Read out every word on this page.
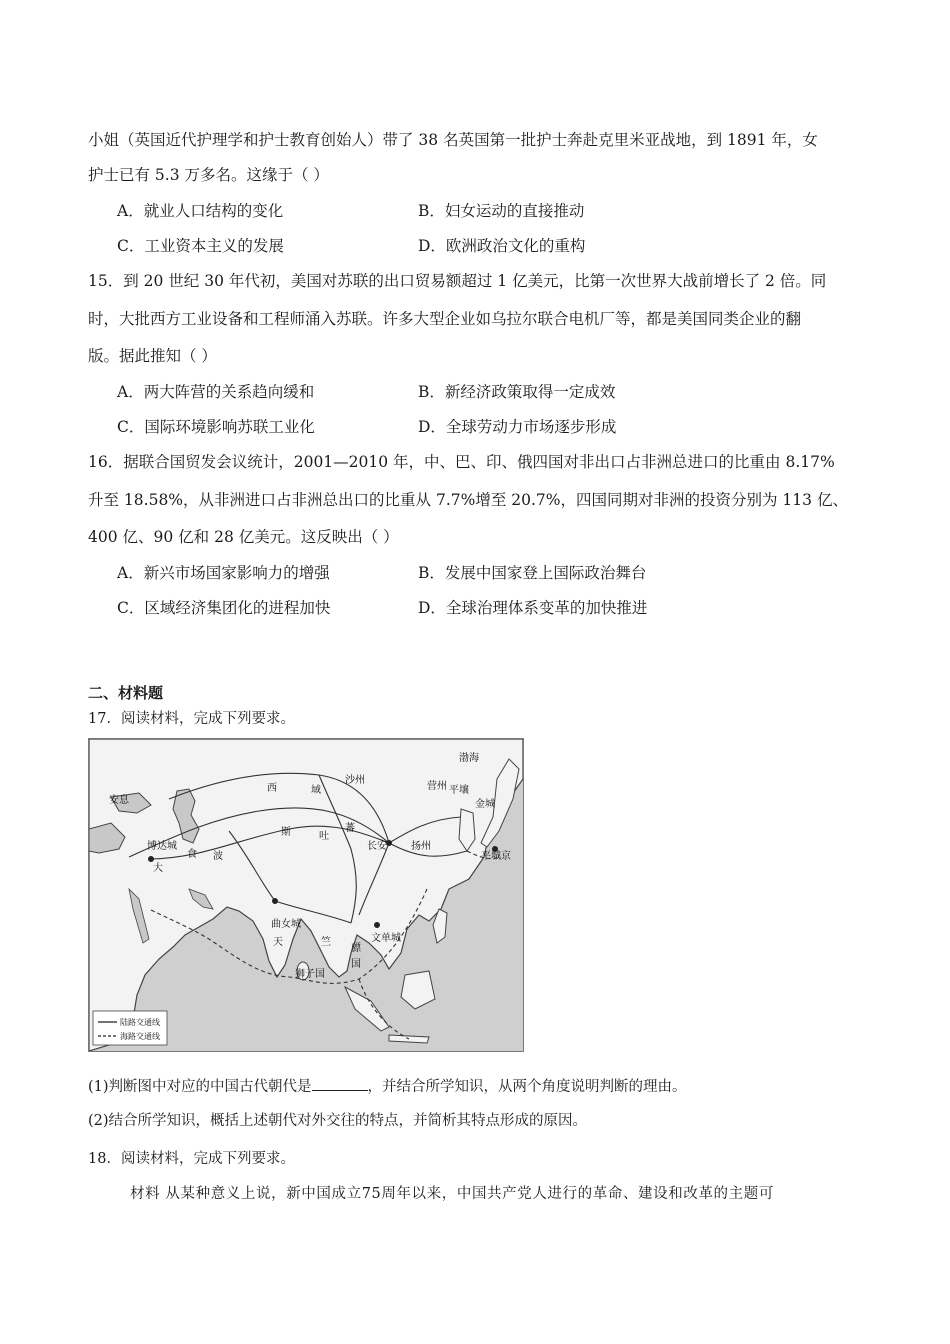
小姐（英国近代护理学和护士教育创始人）带了 38 名英国第一批护士奔赴克里米亚战地，到 1891 年，女
护士已有 5.3 万多名。这缘于（ ）
A．就业人口结构的变化	B．妇女运动的直接推动
C．工业资本主义的发展	D．欧洲政治文化的重构
15．到 20 世纪 30 年代初，美国对苏联的出口贸易额超过 1 亿美元，比第一次世界大战前增长了 2 倍。同
时，大批西方工业设备和工程师涌入苏联。许多大型企业如乌拉尔联合电机厂等，都是美国同类企业的翻
版。据此推知（ ）
A．两大阵营的关系趋向缓和	B．新经济政策取得一定成效
C．国际环境影响苏联工业化	D．全球劳动力市场逐步形成
16．据联合国贸发会议统计，2001—2010 年，中、巴、印、俄四国对非出口占非洲总进口的比重由 8.17%
升至 18.58%，从非洲进口占非洲总出口的比重从 7.7%增至 20.7%，四国同期对非洲的投资分别为 113 亿、
400 亿、90 亿和 28 亿美元。这反映出（ ）
A．新兴市场国家影响力的增强	B．发展中国家登上国际政治舞台
C．区域经济集团化的进程加快	D．全球治理体系变革的加快推进
二、材料题
17．阅读材料，完成下列要求。
渤海
西	域
沙州
营州 平壤
金城
平城京
安息
博达城
大
食 波
斯	吐
蕃
长安 扬州
曲女城
天	竺
骠
国
文单城
狮子国
陆路交通线
海路交通线
(1)判断图中对应的中国古代朝代是	，并结合所学知识，从两个角度说明判断的理由。
(2)结合所学知识，概括上述朝代对外交往的特点，并简析其特点形成的原因。
18．阅读材料，完成下列要求。
材料 从某种意义上说，新中国成立75周年以来，中国共产党人进行的革命、建设和改革的主题可
